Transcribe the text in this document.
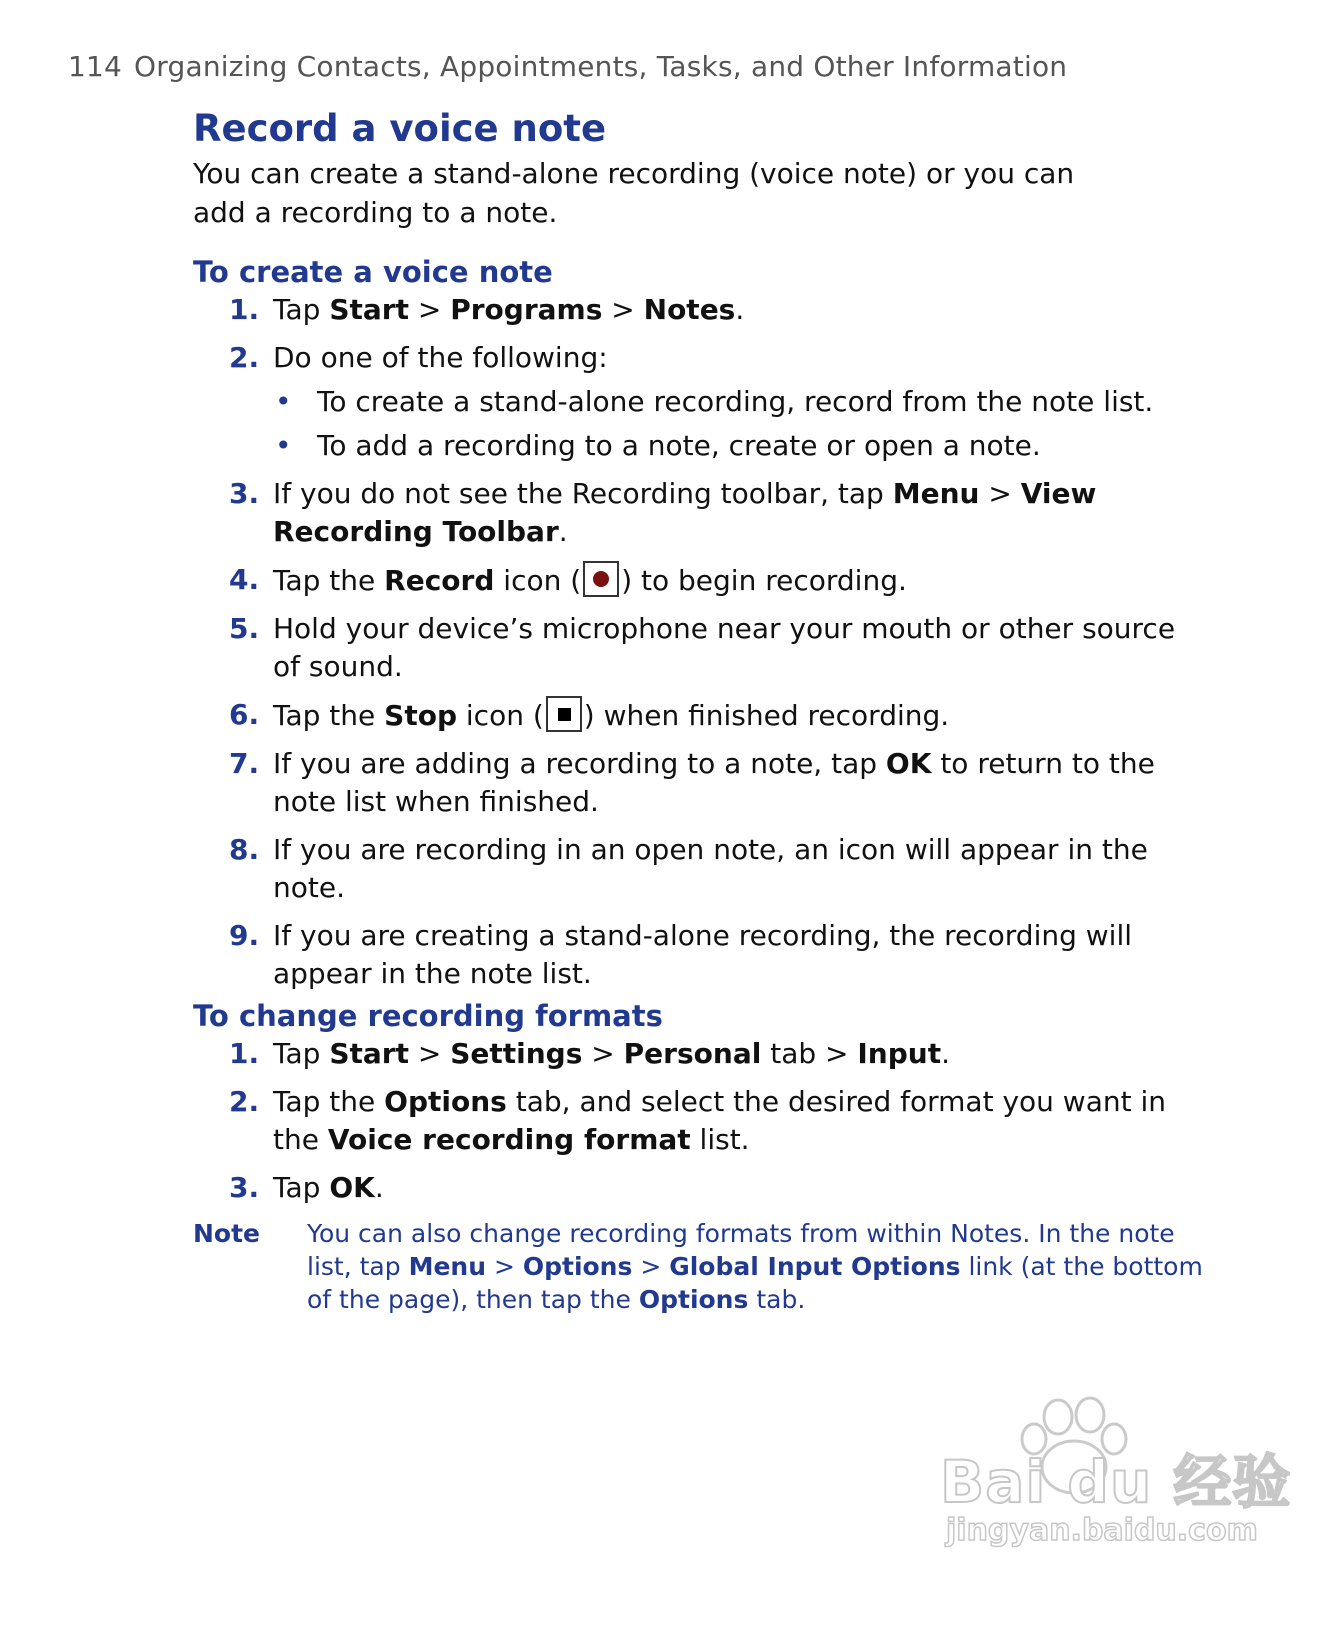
114 Organizing Contacts, Appointments, Tasks, and Other Information
Record a voice note

You can create a stand-alone recording (voice note) or you can add a recording to a note.

To create a voice note
1. Tap Start > Programs > Notes.
2. Do one of the following:
• To create a stand-alone recording, record from the note list.
• To add a recording to a note, create or open a note.
3. If you do not see the Recording toolbar, tap Menu > View Recording Toolbar.
4. Tap the Record icon ( ) to begin recording.
5. Hold your device’s microphone near your mouth or other source of sound.
6. Tap the Stop icon ( ) when finished recording.
7. If you are adding a recording to a note, tap OK to return to the note list when finished.
8. If you are recording in an open note, an icon will appear in the note.
9. If you are creating a stand-alone recording, the recording will appear in the note list.
To change recording formats
1. Tap Start > Settings > Personal tab > Input.
2. Tap the Options tab, and select the desired format you want in the Voice recording format list.
3. Tap OK.
Note You can also change recording formats from within Notes. In the note list, tap Menu > Options > Global Input Options link (at the bottom of the page), then tap the Options tab.
Bai du 经验
jingyan.baidu.com
